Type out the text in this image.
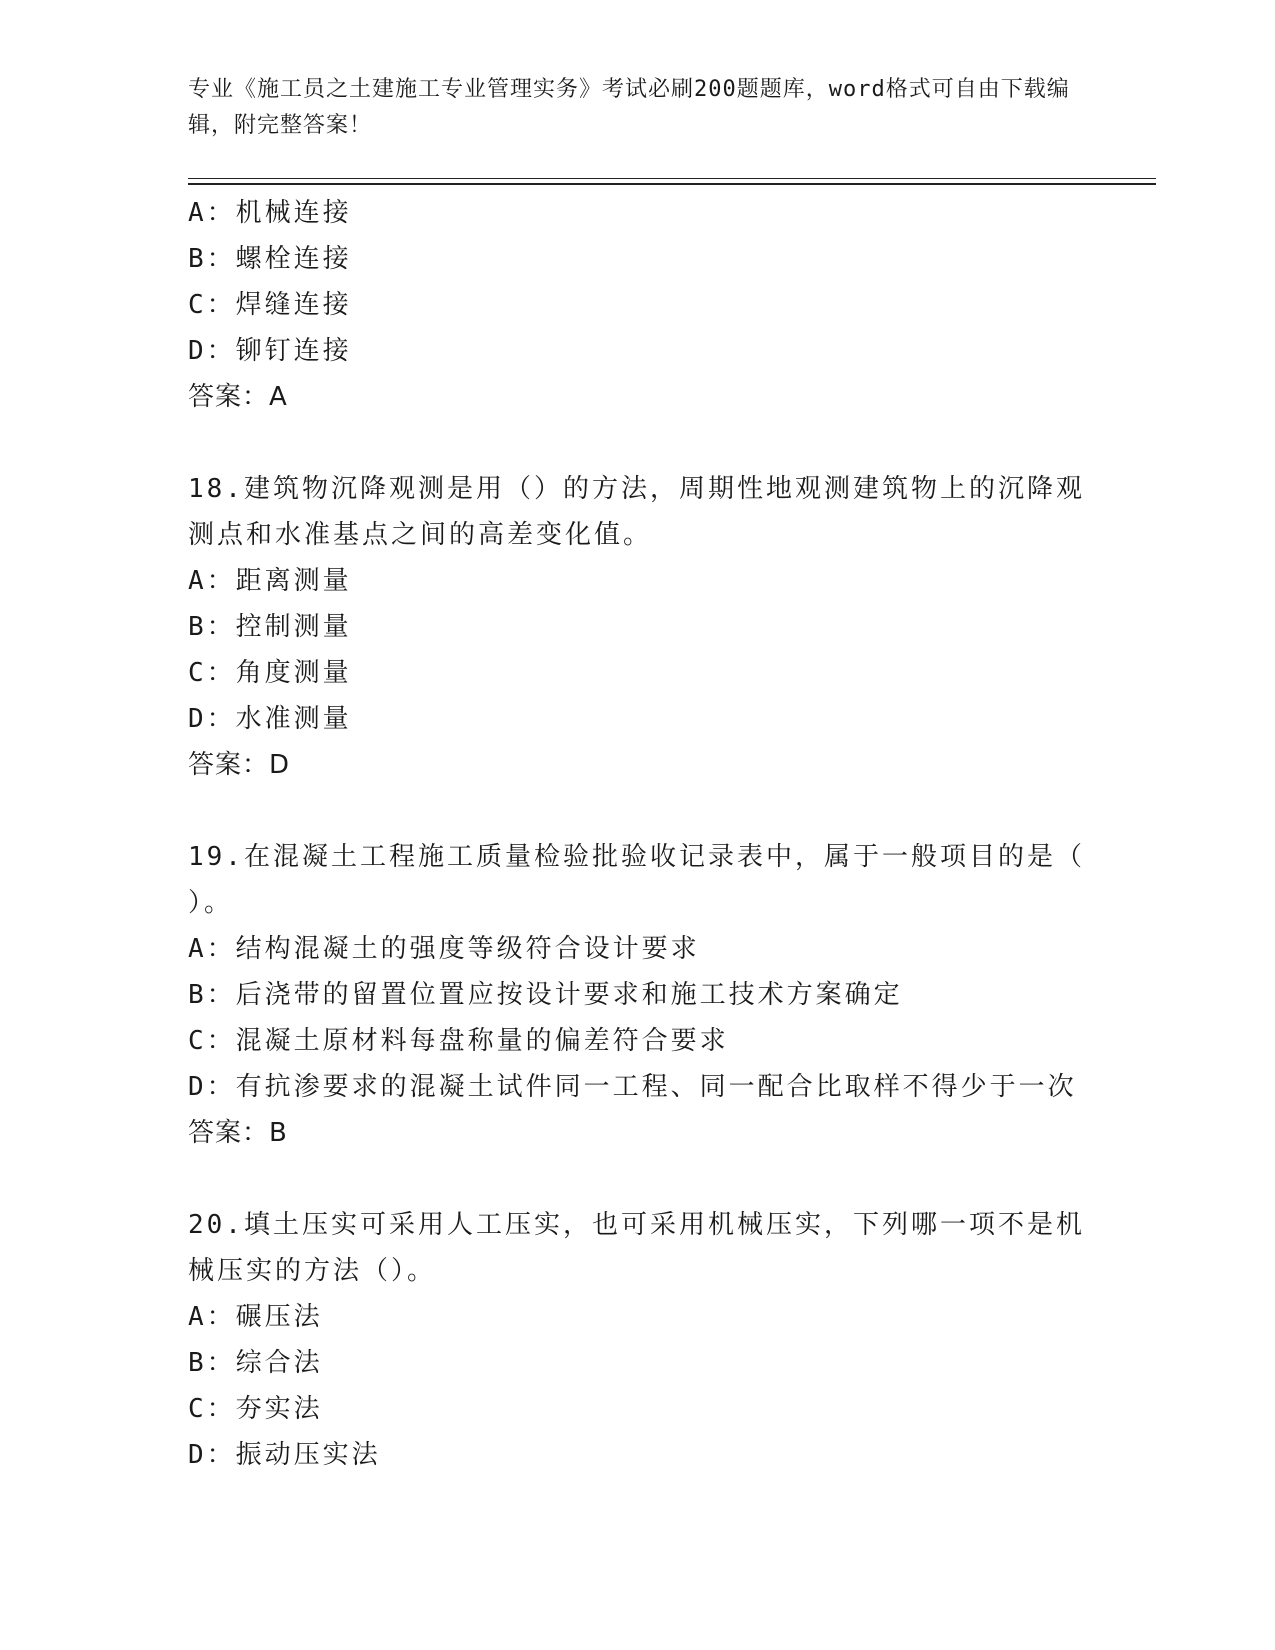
专业《施工员之土建施工专业管理实务》考试必刷200题题库，word格式可自由下载编辑，附完整答案！
A：机械连接
B：螺栓连接
C：焊缝连接
D：铆钉连接
答案：A
18.建筑物沉降观测是用（）的方法，周期性地观测建筑物上的沉降观
测点和水准基点之间的高差变化值。
A：距离测量
B：控制测量
C：角度测量
D：水准测量
答案：D
19.在混凝土工程施工质量检验批验收记录表中，属于一般项目的是（
）。
A：结构混凝土的强度等级符合设计要求
B：后浇带的留置位置应按设计要求和施工技术方案确定
C：混凝土原材料每盘称量的偏差符合要求
D：有抗渗要求的混凝土试件同一工程、同一配合比取样不得少于一次
答案：B
20.填土压实可采用人工压实，也可采用机械压实，下列哪一项不是机
械压实的方法（）。
A：碾压法
B：综合法
C：夯实法
D：振动压实法
